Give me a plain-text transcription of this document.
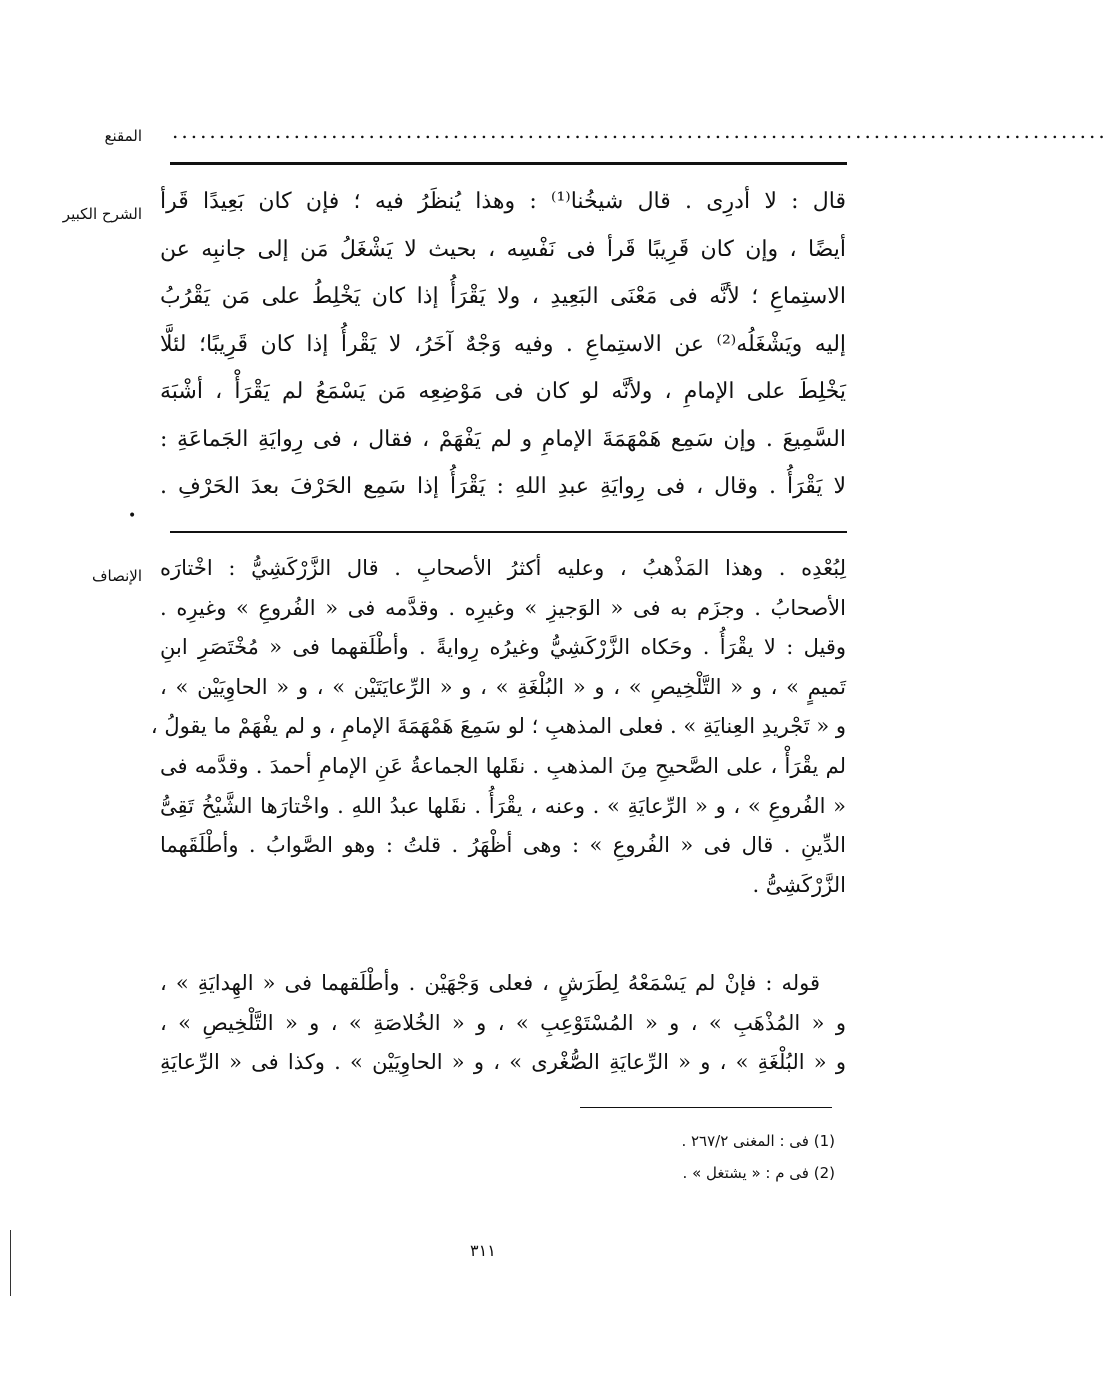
المقنع ....................................................................................................
الشرح الكبير قال : لا أدرِى . قال شيخُنا⁽¹⁾ : وهذا يُنظَرُ فيه ؛ فإن كان بَعِيدًا قَرأ
أيضًا ، وإن كان قَرِيبًا قَرأ فى نَفْسِه ، بحيث لا يَشْغَلُ مَن إلى جانبِه عن
الاستِماعِ ؛ لأنَّه فى مَعْنَى البَعِيدِ ، ولا يَقْرَأُ إذا كان يَخْلِطُ على مَن يَقْرُبُ
إليه ويَشْغَلُه⁽²⁾ عن الاستِماعِ . وفيه وَجْهٌ آخَرُ، لا يَقْرأُ إذا كان قَرِيبًا؛ لئلَّا
يَخْلِطَ على الإمامِ ، ولأنَّه لو كان فى مَوْضِعِه مَن يَسْمَعُ لم يَقْرَأْ ، أشْبَهَ
السَّمِيعَ . وإن سَمِع هَمْهَمَةَ الإمامِ و لم يَفْهَمْ ، فقال ، فى رِوايَةِ الجَماعَةِ :
لا يَقْرَأُ . وقال ، فى رِوايَةِ عبدِ اللهِ : يَقْرَأُ إذا سَمِع الحَرْفَ بعدَ الحَرْفِ .
•
الإنصاف لِبُعْدِه . وهذا المَذْهبُ ، وعليه أكثرُ الأصحابِ . قال الزَّرْكَشِيُّ : اخْتارَه
الأصحابُ . وجزَم به فى « الوَجيزِ » وغيرِه . وقدَّمه فى « الفُروعِ » وغيرِه .
وقيل : لا يقْرَأُ . وحَكاه الزَّرْكَشِيُّ وغيرُه رِوايةً . وأطْلَقهما فى « مُخْتَصَرِ ابنِ
تَميمٍ » ، و « التَّلْخِيصِ » ، و « البُلْغَةِ » ، و « الرِّعايَتَيْن » ، و « الحاوِيَيْن » ،
و « تَجْريدِ العِنايَةِ » . فعلى المذهبِ ؛ لو سَمِعَ هَمْهَمَةَ الإمامِ ، و لم يفْهَمْ ما يقولُ ،
لم يقْرَأْ ، على الصَّحيحِ مِنَ المذهبِ . نقَلها الجماعةُ عَنِ الإمامِ أحمدَ . وقدَّمه فى
« الفُروعِ » ، و « الرِّعايَةِ » . وعنه ، يقْرَأُ . نقَلها عبدُ اللهِ . واخْتارَها الشَّيْخُ تَقِىُّ
الدِّينِ . قال فى « الفُروعِ » : وهى أظْهَرُ . قلتُ : وهو الصَّوابُ . وأطْلَقَهما
الزَّرْكَشِىُّ .
قوله : فإنْ لم يَسْمَعْهُ لِطَرَشٍ ، فعلى وَجْهَيْن . وأطْلَقهما فى « الهِدايَةِ » ،
و « المُذْهَبِ » ، و « المُسْتَوْعِبِ » ، و « الخُلاصَةِ » ، و « التَّلْخِيصِ » ،
و « البُلْغَةِ » ، و « الرِّعايَةِ الصُّغْرى » ، و « الحاوِيَيْن » . وكذا فى « الرِّعايَةِ
(1) فى : المغنى ٢٦٧/٢ .
(2) فى م : « يشتغل » .
٣١١
